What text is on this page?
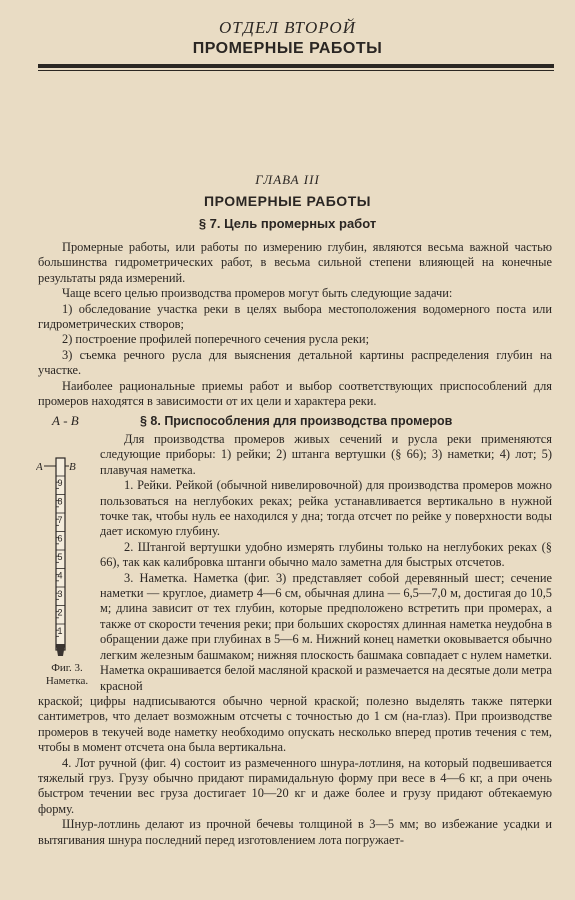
ОТДЕЛ ВТОРОЙ
ПРОМЕРНЫЕ РАБОТЫ
ГЛАВА III
ПРОМЕРНЫЕ РАБОТЫ
§ 7. Цель промерных работ

Промерные работы, или работы по измерению глубин, являются весьма важной частью большинства гидрометрических работ, в весьма сильной степени влияющей на конечные результаты ряда измерений.

Чаще всего целью производства промеров могут быть следующие задачи:

1) обследование участка реки в целях выбора местоположения водомерного поста или гидрометрических створов;

2) построение профилей поперечного сечения русла реки;

3) съемка речного русла для выяснения детальной картины распределения глубин на участке.

Наиболее рациональные приемы работ и выбор соответствующих приспособлений для промеров находятся в зависимости от их цели и характера реки.

А - В	§ 8. Приспособления для производства промеров

Для производства промеров живых сечений и русла реки применяются следующие приборы: 1) рейки; 2) штанга вертушки (§ 66); 3) наметки; 4) лот; 5) плавучая наметка.

1. Рейки. Рейкой (обычной нивелировочной) для производства промеров можно пользоваться на неглубоких реках; рейка устанавливается вертикально в нужной точке так, чтобы нуль ее находился у дна; тогда отсчет по рейке у поверхности воды дает искомую глубину.

2. Штангой вертушки удобно измерять глубины только на неглубоких реках (§ 66), так как калибровка штанги обычно мало заметна для быстрых отсчетов.

3. Наметка. Наметка (фиг. 3) представляет собой деревянный шест; сечение наметки — круглое, диаметр 4—6 см, обычная длина — 6,5—7,0 м, достигая до 10,5 м; длина зависит от тех глубин, которые предположено встретить при промерах, а также от скорости течения реки; при больших скоростях длинная наметка неудобна в обращении даже при глубинах в 5—6 м. Нижний конец наметки оковывается обычно легким железным башмаком; нижняя плоскость башмака совпадает с нулем наметки. Наметка окрашивается белой масляной краской и размечается на десятые доли метра красной

А В
9
8
7
6
5
4
3
2
1
Фиг. 3.
Наметка.

краской; цифры надписываются обычно черной краской; полезно выделять также пятерки сантиметров, что делает возможным отсчеты с точностью до 1 см (на-глаз). При производстве промеров в текучей воде наметку необходимо опускать несколько вперед против течения с тем, чтобы в момент отсчета она была вертикальна.

4. Лот ручной (фиг. 4) состоит из размеченного шнура-лотлиня, на который подвешивается тяжелый груз. Грузу обычно придают пирамидальную форму при весе в 4—6 кг, а при очень быстром течении вес груза достигает 10—20 кг и даже более и грузу придают обтекаемую форму.

Шнур-лотлинь делают из прочной бечевы толщиной в 3—5 мм; во избежание усадки и вытягивания шнура последний перед изготовлением лота погружает-
